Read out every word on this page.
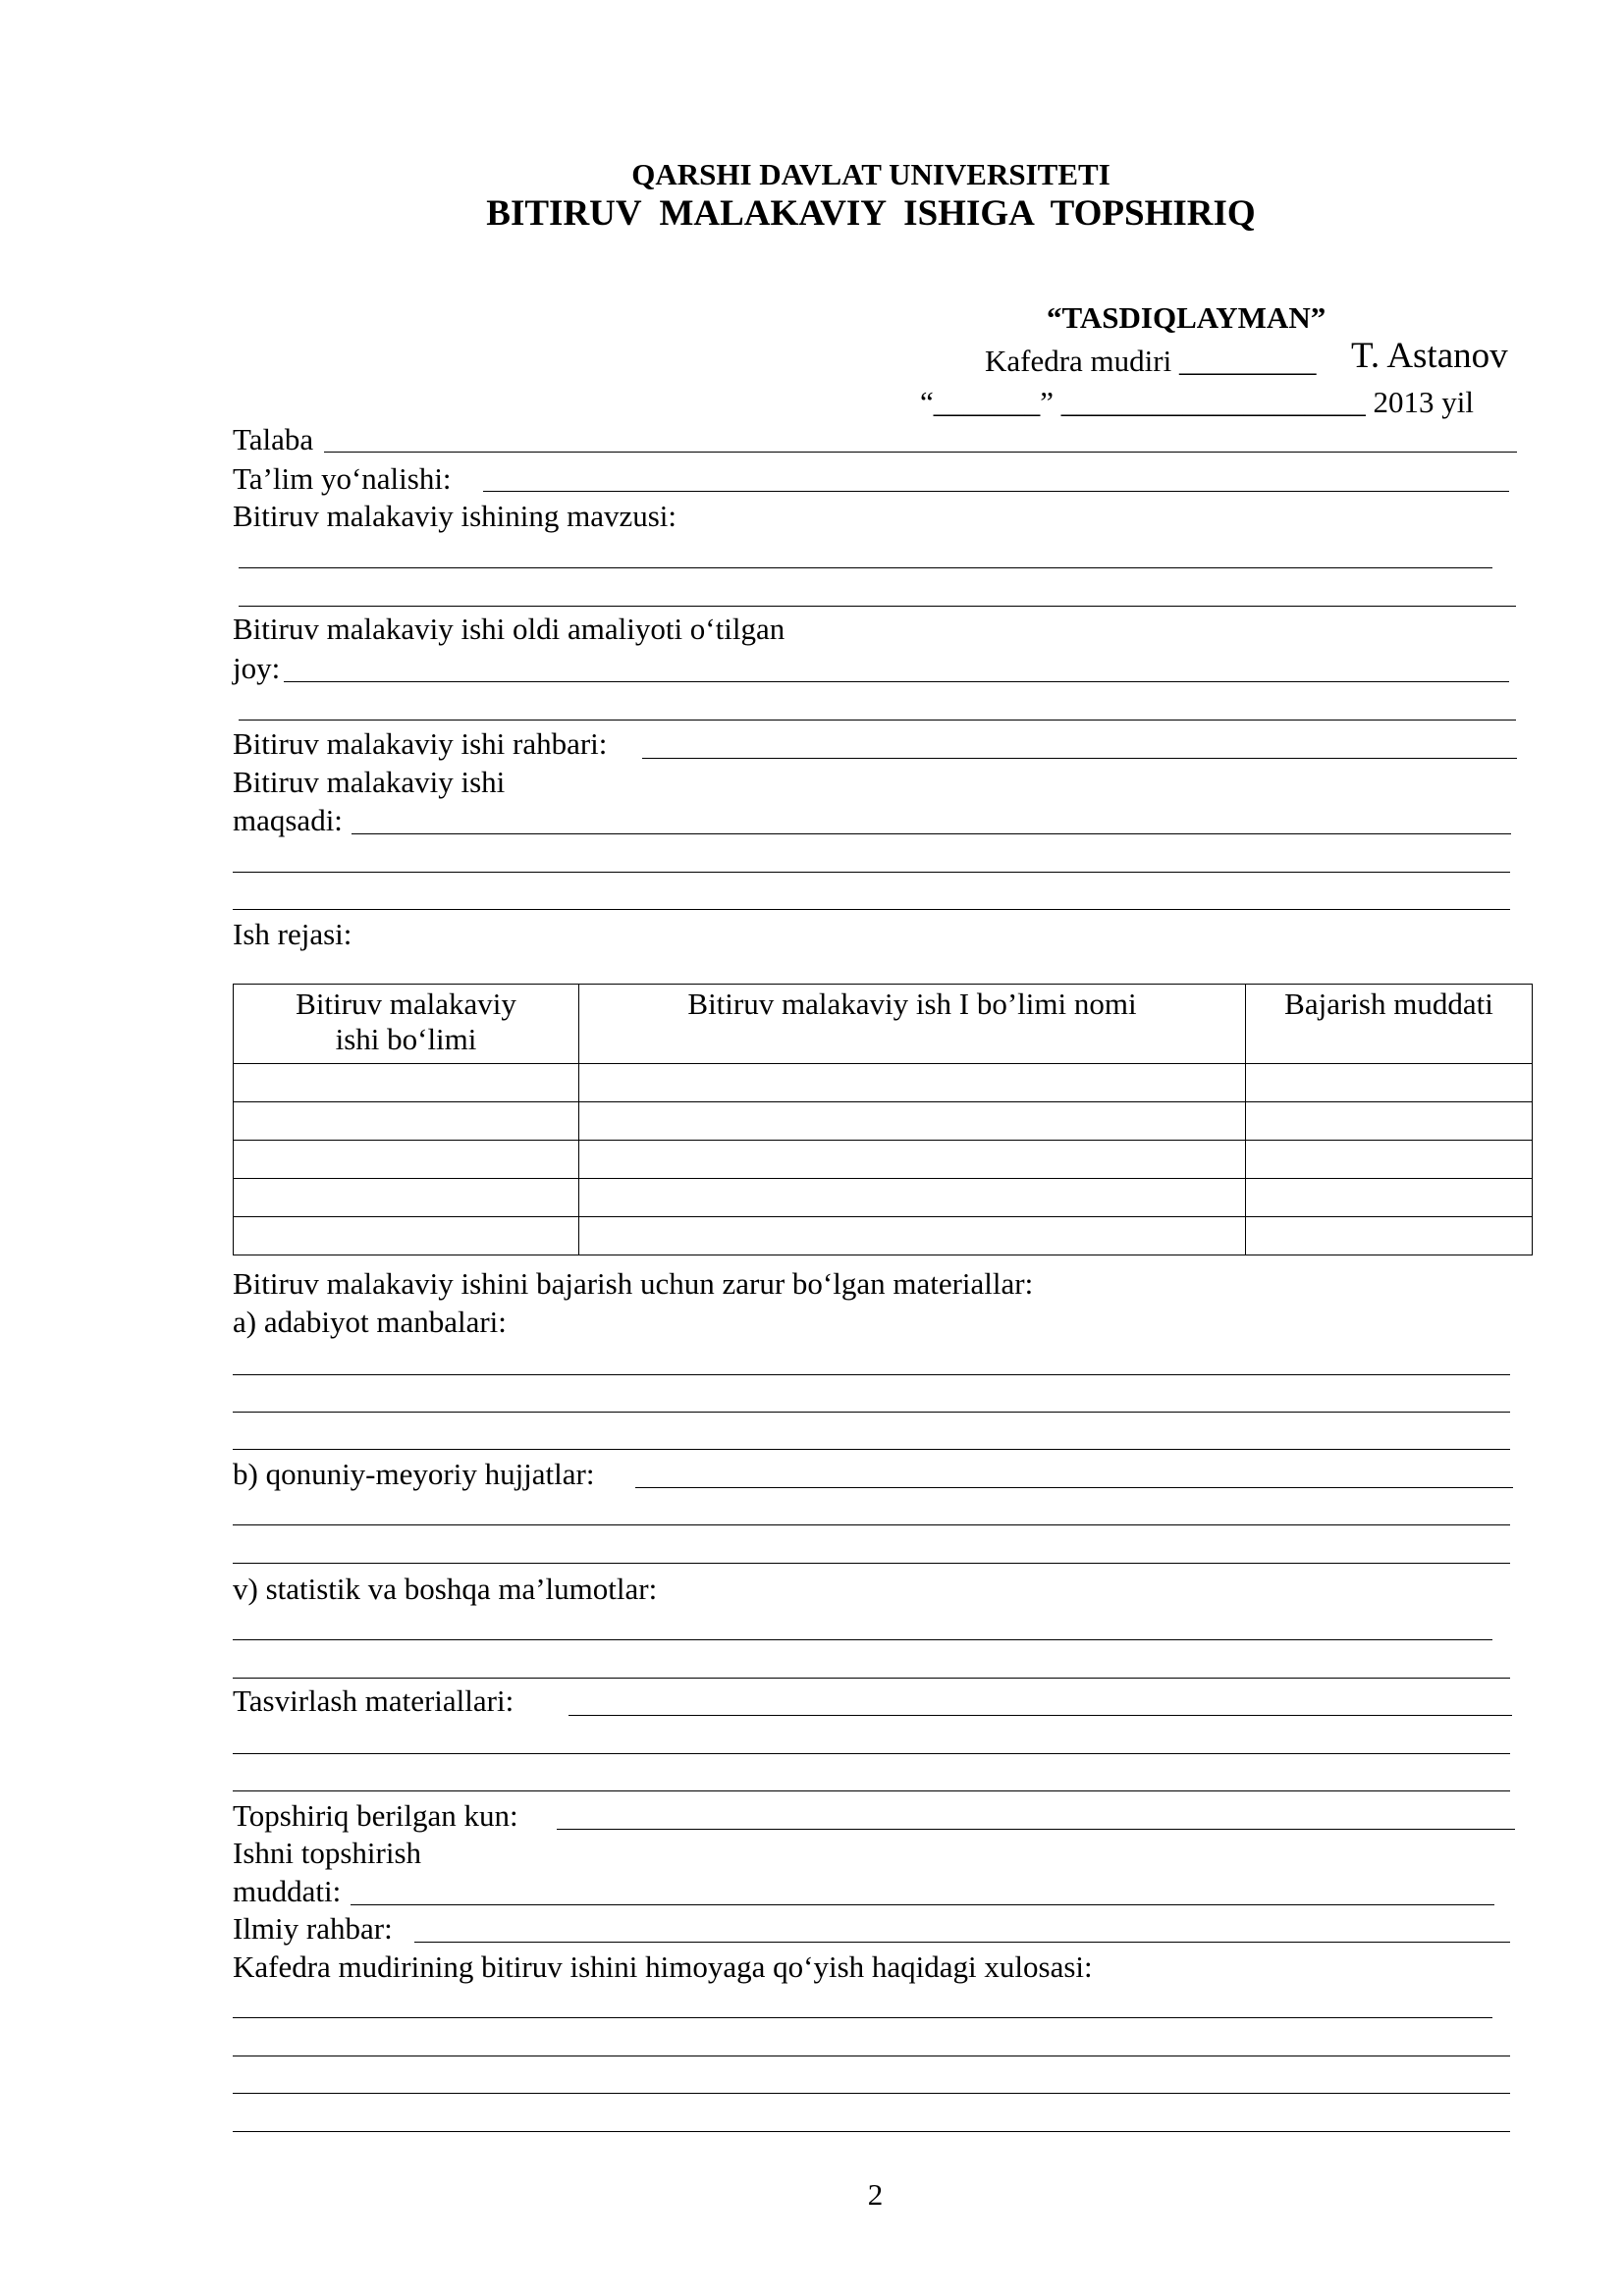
QARSHI DAVLAT UNIVERSITETI
BITIRUV  MALAKAVIY  ISHIGA  TOPSHIRIQ
“TASDIQLAYMAN”
Kafedra mudiri _________ T. Astanov
“_______” ____________________ 2013 yil
Talaba
Ta’lim yo‘nalishi:
Bitiruv malakaviy ishining mavzusi:
Bitiruv malakaviy ishi oldi amaliyoti o‘tilgan
joy:
Bitiruv malakaviy ishi rahbari:
Bitiruv malakaviy ishi
maqsadi:
Ish rejasi:
Bitiruv malakaviy ishi bo‘limi	Bitiruv malakaviy ish I bo’limi nomi	Bajarish muddati

Bitiruv malakaviy ishini bajarish uchun zarur bo‘lgan materiallar:
a) adabiyot manbalari:
b) qonuniy-meyoriy hujjatlar:
v) statistik va boshqa ma’lumotlar:
Tasvirlash materiallari:
Topshiriq berilgan kun:
Ishni topshirish
muddati:
Ilmiy rahbar:
Kafedra mudirining bitiruv ishini himoyaga qo‘yish haqidagi xulosasi:
2
